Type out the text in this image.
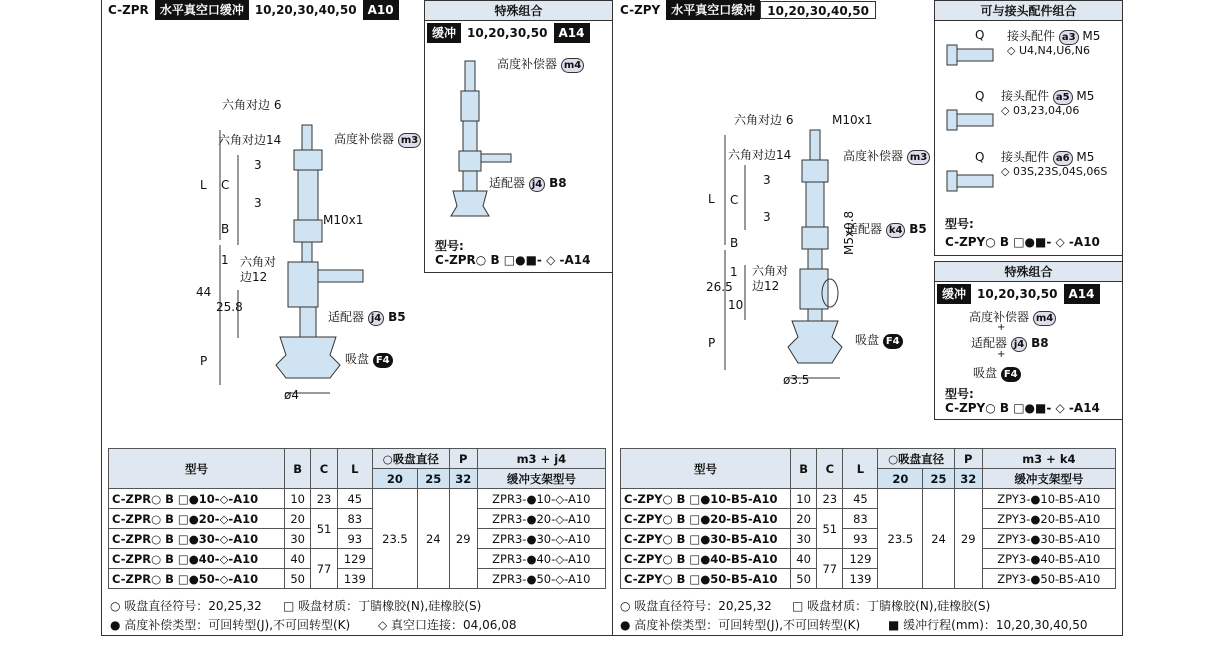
C-ZPR 水平真空口缓冲 10,20,30,40,50 A10
六角对边 6
六角对边14	高度补偿器 m3
M10x1
六角对
边12
适配器 j4 B5
吸盘 F4
ø4
L C
B
3
3
1
44
25.8
P
特殊组合
缓冲 10,20,30,50 A14
高度补偿器 m4
适配器 j4 B8
型号:
C-ZPR○ B □●■- ◇ -A14
型号	B	C	L	○吸盘直径		P	m3 + j4
				20	25	32	缓冲支架型号
C-ZPR○ B □●10-◇-A10	10	23	45	23.5	24	29	ZPR3-●10-◇-A10
C-ZPR○ B □●20-◇-A10	20	51	83				ZPR3-●20-◇-A10
C-ZPR○ B □●30-◇-A10	30		93				ZPR3-●30-◇-A10
C-ZPR○ B □●40-◇-A10	40	77	129				ZPR3-●40-◇-A10
C-ZPR○ B □●50-◇-A10	50		139				ZPR3-●50-◇-A10
○ 吸盘直径符号：20,25,32 □ 吸盘材质：丁腈橡胶(N),硅橡胶(S)
● 高度补偿类型：可回转型(J),不可回转型(K) ◇ 真空口连接：04,06,08
C-ZPY 水平真空口缓冲	10,20,30,40,50
六角对边 6	M10x1
六角对边14	高度补偿器 m3
适配器 k4 B5
M5x0.8
六角对
边12
吸盘 F4
ø3.5
L C
B
3
3
1
26.5
10
P
可与接头配件组合
Q 接头配件 a3 M5
◇ U4,N4,U6,N6
Q 接头配件 a5 M5
◇ 03,23,04,06
Q 接头配件 a6 M5
◇ 03S,23S,04S,06S
型号:
C-ZPY○ B □●■- ◇ -A10
特殊组合
缓冲 10,20,30,50 A14
高度补偿器 m4
+
适配器 j4 B8
+
吸盘 F4
型号:
C-ZPY○ B □●■- ◇ -A14
型号	B	C	L	○吸盘直径		P	m3 + k4
				20	25	32	缓冲支架型号
C-ZPY○ B □●10-B5-A10	10	23	45	23.5	24	29	ZPY3-●10-B5-A10
C-ZPY○ B □●20-B5-A10	20	51	83				ZPY3-●20-B5-A10
C-ZPY○ B □●30-B5-A10	30		93				ZPY3-●30-B5-A10
C-ZPY○ B □●40-B5-A10	40	77	129				ZPY3-●40-B5-A10
C-ZPY○ B □●50-B5-A10	50		139				ZPY3-●50-B5-A10
○ 吸盘直径符号：20,25,32 □ 吸盘材质：丁腈橡胶(N),硅橡胶(S)
● 高度补偿类型：可回转型(J),不可回转型(K) ■ 缓冲行程(mm)：10,20,30,40,50
